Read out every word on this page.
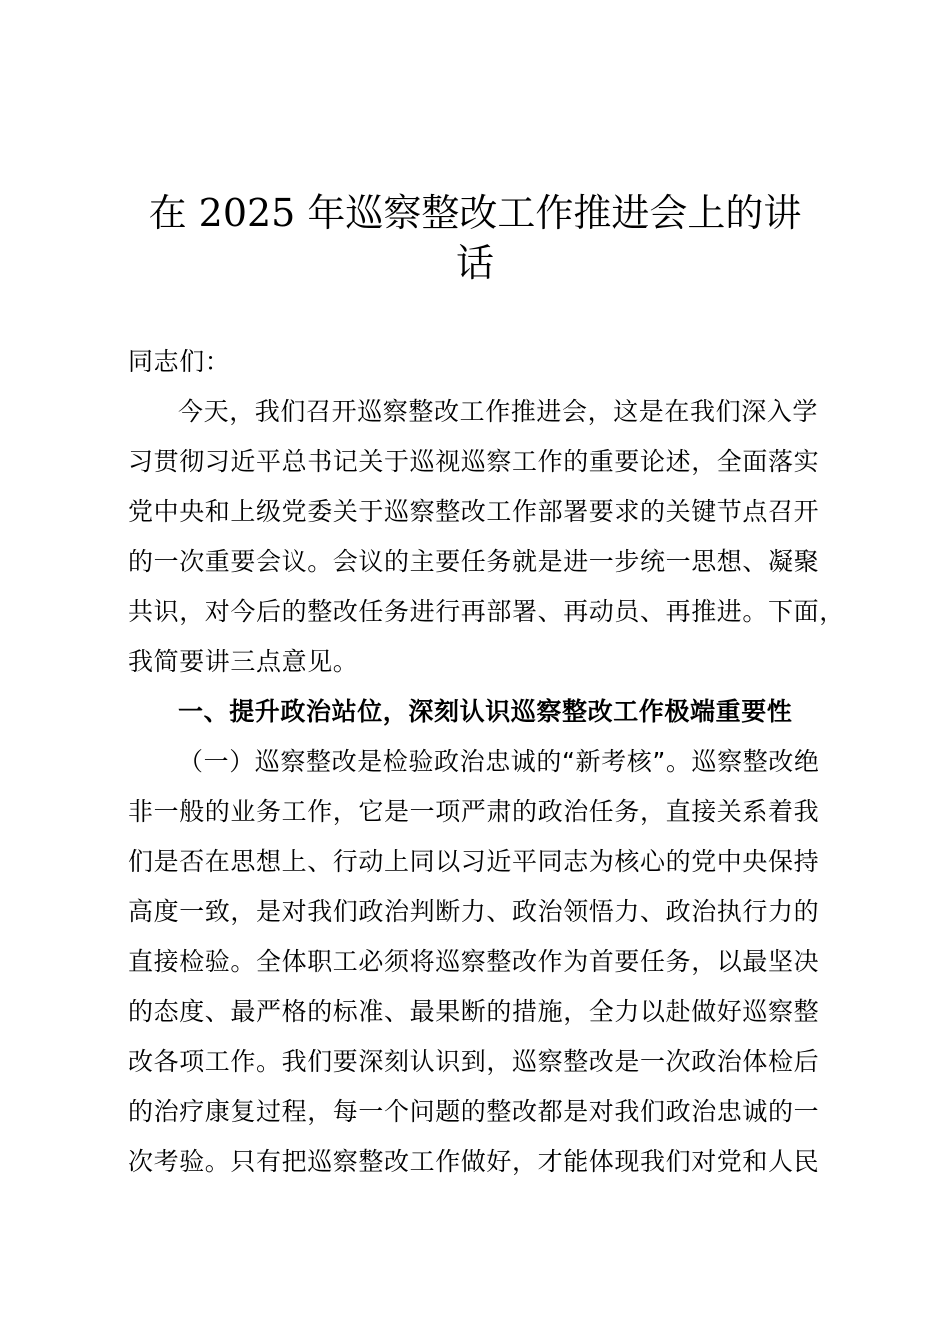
在 2025 年巡察整改工作推进会上的讲
话
同志们：
今天，我们召开巡察整改工作推进会，这是在我们深入学
习贯彻习近平总书记关于巡视巡察工作的重要论述，全面落实
党中央和上级党委关于巡察整改工作部署要求的关键节点召开
的一次重要会议。会议的主要任务就是进一步统一思想、凝聚
共识，对今后的整改任务进行再部署、再动员、再推进。下面，
我简要讲三点意见。
一、提升政治站位，深刻认识巡察整改工作极端重要性
（一）巡察整改是检验政治忠诚的“新考核”。巡察整改绝
非一般的业务工作，它是一项严肃的政治任务，直接关系着我
们是否在思想上、行动上同以习近平同志为核心的党中央保持
高度一致，是对我们政治判断力、政治领悟力、政治执行力的
直接检验。全体职工必须将巡察整改作为首要任务，以最坚决
的态度、最严格的标准、最果断的措施，全力以赴做好巡察整
改各项工作。我们要深刻认识到，巡察整改是一次政治体检后
的治疗康复过程，每一个问题的整改都是对我们政治忠诚的一
次考验。只有把巡察整改工作做好，才能体现我们对党和人民
